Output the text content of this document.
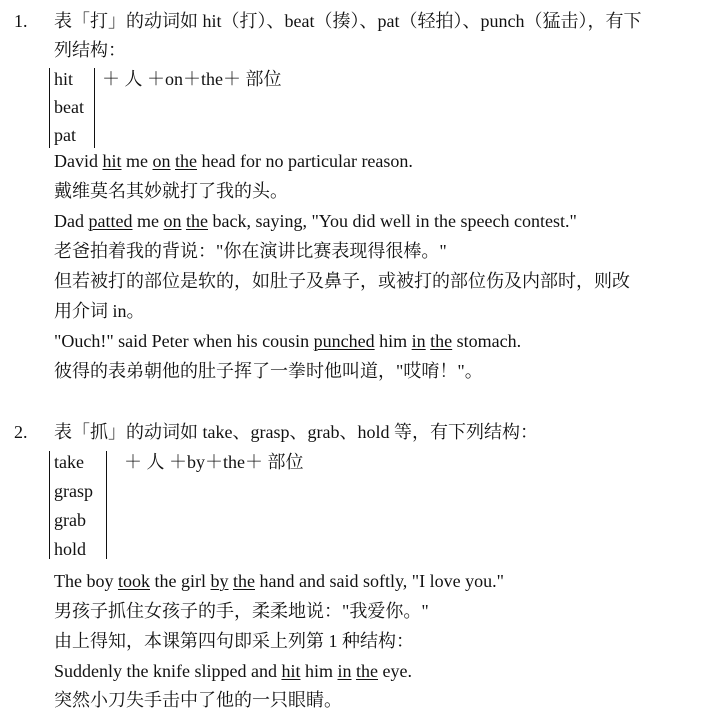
1. 表「打」的动词如 hit（打）、beat（揍）、pat（轻拍）、punch（猛击），有下
列结构：
hit
beat
pat
＋ 人 ＋on＋the＋ 部位
David hit me on the head for no particular reason.
戴维莫名其妙就打了我的头。
Dad patted me on the back, saying, "You did well in the speech contest."
老爸拍着我的背说："你在演讲比赛表现得很棒。"
但若被打的部位是软的，如肚子及鼻子，或被打的部位伤及内部时，则改
用介词 in。
"Ouch!" said Peter when his cousin punched him in the stomach.
彼得的表弟朝他的肚子挥了一拳时他叫道，"哎唷！"。
2. 表「抓」的动词如 take、grasp、grab、hold 等，有下列结构：
take
grasp
grab
hold
＋ 人 ＋by＋the＋ 部位
The boy took the girl by the hand and said softly, "I love you."
男孩子抓住女孩子的手，柔柔地说："我爱你。"
由上得知，本课第四句即采上列第 1 种结构：
Suddenly the knife slipped and hit him in the eye.
突然小刀失手击中了他的一只眼睛。
